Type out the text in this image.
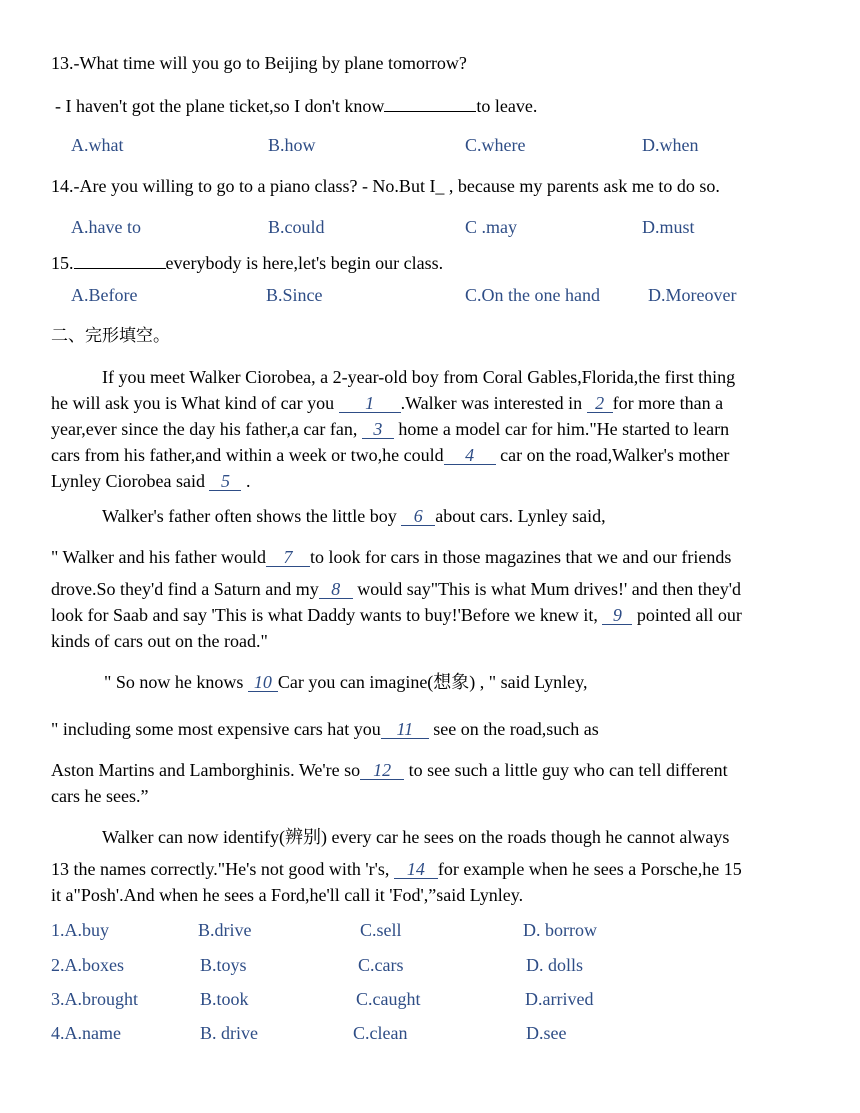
13.-What time will you go to Beijing by plane tomorrow?
- I haven't got the plane ticket,so I don't know	to leave.
A.what	B.how	C.where	D.when
14.-Are you willing to go to a piano class? - No.But I_ , because my parents ask me to do so.
A.have to	B.could	C .may	D.must
15.	everybody is here,let's begin our class.
A.Before	B.Since	C.On the one hand	D.Moreover
二、完形填空。
If you meet Walker Ciorobea, a 2-year-old boy from Coral Gables,Florida,the first thing
he will ask you is What kind of car you 1 .Walker was interested in 2 for more than a
year,ever since the day his father,a car fan, 3 home a model car for him."He started to learn
cars from his father,and within a week or two,he could 4 car on the road,Walker's mother
Lynley Ciorobea said 5 .
Walker's father often shows the little boy 6 about cars. Lynley said,
" Walker and his father would 7 to look for cars in those magazines that we and our friends
drove.So they'd find a Saturn and my 8 would say"This is what Mum drives!' and then they'd
look for Saab and say 'This is what Daddy wants to buy!'Before we knew it, 9 pointed all our
kinds of cars out on the road."
" So now he knows 10 Car you can imagine(想象) , " said Lynley,
" including some most expensive cars hat you 11 see on the road,such as
Aston Martins and Lamborghinis. We're so 12 to see such a little guy who can tell different
cars he sees.”
Walker can now identify(辨别) every car he sees on the roads though he cannot always
13 the names correctly."He's not good with 'r's, 14 for example when he sees a Porsche,he 15
it a"Posh'.And when he sees a Ford,he'll call it 'Fod',”said Lynley.
1.A.buy	B.drive	C.sell	D. borrow
2.A.boxes	B.toys	C.cars	D. dolls
3.A.brought	B.took	C.caught	D.arrived
4.A.name	B. drive	C.clean	D.see
